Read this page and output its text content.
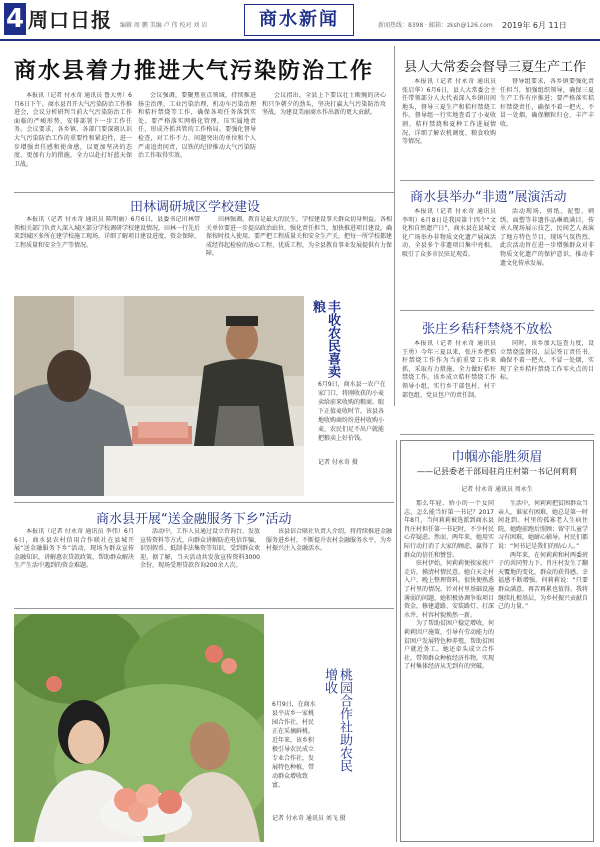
4 周口日报 编辑 周 鹏 美编 卢 伟 校对 刘 岩	商水新闻	新闻热线：8398 · 邮箱：zksh@126.com 2019年 6月 11日
商水县着力推进大气污染防治工作

本报讯（记者 付永奇 通讯员 鲁大勇）6月6日下午，商水县召开大气污染防治工作推进会，会议分析研判当前大气污染防治工作面临的严峻形势，安排部署下一步工作任务。会议要求，各乡镇、各部门要深刻认识大气污染防治工作的重要性和紧迫性，进一步增强责任感和使命感，以更加坚决的态度、更加有力的措施，全力以赴打好蓝天保卫战。

会议强调，要聚焦重点领域，持续推进扬尘治理、工业污染治理、机动车污染治理和秸秆禁烧等工作，确保各项任务落到实处。要严格落实网格化管理，压实属地责任，形成齐抓共管的工作格局。要强化督导检查，对工作不力、问题突出的单位和个人严肃追责问责，以铁的纪律推动大气污染防治工作取得实效。

会议指出，全县上下要以壮士断腕的决心和只争朝夕的劲头，坚决打赢大气污染防治攻坚战，为建设美丽商水作出新的更大贡献。

县人大常委会督导三夏生产工作

本报讯（记者 付永奇 通讯员 张启华）6月6日，县人大常委会主任带领部分人大代表深入乡镇田间地头，督导三夏生产和秸秆禁烧工作。督导组一行实地查看了小麦收割、秸秆禁烧和夏种工作进展情况，详细了解农机调度、粮食收购等情况。

督导组要求，各乡镇要强化责任担当，加强组织领导，确保三夏生产工作有序推进；要严格落实秸秆禁烧责任，确保不着一把火、不冒一处烟，确保颗粒归仓、丰产丰收。

商水县举办“非遗”展演活动

本报讯（记者 付永奇 通讯员 李明）6月8日是我国第十四个“文化和自然遗产日”，商水县在县城文化广场举办非物质文化遗产展演活动，全县多个非遗项目集中亮相，吸引了众多市民驻足观看。

活动现场，剪纸、泥塑、刺绣、面塑等非遗作品琳琅满目，传承人现场展示技艺，民间艺人表演了地方特色节目，现场气氛热烈。此次活动旨在进一步增强群众对非物质文化遗产的保护意识，推动非遗文化传承发展。

张庄乡秸秆禁烧不放松

本报讯（记者 付永奇 通讯员 王勇）今年三夏以来，张庄乡把秸秆禁烧工作作为当前重要工作来抓，采取有力措施，全力做好秸秆禁烧工作。该乡成立秸秆禁烧工作领导小组，实行乡干部包村、村干部包组、党员包户的责任制。

同时，该乡加大巡查力度，设立禁烧监督岗，层层签订责任书，确保不着一把火、不冒一处烟，实现了全乡秸秆禁烧工作零火点的目标。

田林调研城区学校建设

本报讯（记者 付永奇 通讯员 陈明丽）6月6日，县委书记田林带领相关部门负责人深入城区部分学校调研学校建设情况。田林一行先后来到城区多所在建学校施工现场，详细了解项目建设进度、资金保障、工程质量和安全生产等情况。

田林强调，教育是最大的民生，学校建设事关群众切身利益。各相关单位要进一步提高政治站位，强化责任担当，加快推进项目建设，确保按时投入使用。要严把工程质量关和安全生产关，把每一所学校都建成经得起检验的放心工程、优质工程，为全县教育事业发展提供有力保障。

丰收农民喜卖粮
6月9日，商水县一农户在家门口，将刚收获的小麦卖给前来收购的粮商。眼下正值麦收时节，该县各地收购商纷纷进村收购小麦，农民们足不出户就能把粮卖上好价钱。
记者 付永奇 摄	巾帼亦能胜须眉
——记县委老干部局驻肖庄村第一书记何莉莉
记者 付永奇 通讯员 周永生

那么年轻、娇小的一个女同志，怎么能当好第一书记？2017年8月，当何莉莉被选派到商水县肖庄村担任第一书记时，不少村民心存疑虑。然而，两年来，她用实际行动打消了大家的顾虑，赢得了群众的信任和赞誉。

驻村伊始，何莉莉便挨家挨户走访，摸清村情民意。她白天走村入户、晚上整理资料，很快便熟悉了村里的情况。针对村里基础设施薄弱的问题，她积极协调争取项目资金，修建道路、安装路灯、打深水井，村容村貌焕然一新。

为了帮助贫困户稳定增收，何莉莉因户施策，引导有劳动能力的贫困户发展特色种养殖，帮助贫困户就近务工。她还牵头成立合作社，带领群众种植经济作物，实现了村集体经济从无到有的突破。

生活中，何莉莉把贫困群众当亲人，谁家有困难，她总是第一时间赶到。村里的孤寡老人生病住院，她跑前跑后照顾；留守儿童学习有困难，她耐心辅导。村民们都说：“何书记是我们的贴心人。”

两年来，在何莉莉和村两委班子的共同努力下，肖庄村发生了翻天覆地的变化，群众的获得感、幸福感不断增强。何莉莉说：“只要群众满意，再苦再累也值得。我将继续扎根基层，为乡村振兴贡献自己的力量。”

商水县开展“送金融服务下乡”活动

本报讯（记者 付永奇 通讯员 李伟）6月6日，商水县农村信用合作联社在县城开展“送金融服务下乡”活动，现场为群众宣传金融知识，讲解惠农贷款政策，帮助群众解决生产生活中遇到的资金难题。

活动中，工作人员通过设立咨询台、发放宣传资料等方式，向群众讲解防范电信诈骗、识别假币、抵制非法集资等知识，受到群众欢迎。据了解，当天活动共发放宣传资料3000余份，现场受理贷款咨询200余人次。

该县信合联社负责人介绍，将持续推进金融服务进乡村，不断提升农村金融服务水平，为乡村振兴注入金融活水。

桃园合作社助农民增收
6月9日，在商水县平店乡一家桃园合作社，村民正在采摘鲜桃。近年来，该乡积极引导农民成立专业合作社，发展特色种植，带动群众增收致富。
记者 付永奇 通讯员 刘飞 摄
